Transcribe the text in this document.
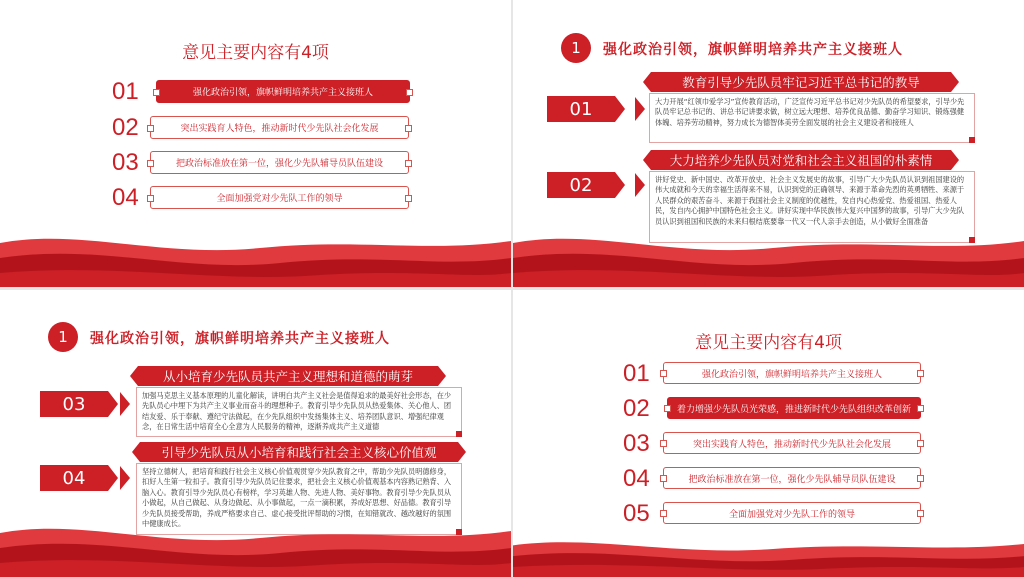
意见主要内容有4项
01	强化政治引领，旗帜鲜明培养共产主义接班人
02	突出实践育人特色，推动新时代少先队社会化发展
03	把政治标准放在第一位，强化少先队辅导员队伍建设
04	全面加强党对少先队工作的领导
1	强化政治引领，旗帜鲜明培养共产主义接班人
教育引导少先队员牢记习近平总书记的教导
01	大力开展“红领巾爱学习”宣传教育活动，广泛宣传习近平总书记对少先队员的希望要求，引导少先队员牢记总书记的、讲总书记讲要求做，树立远大理想、培养优良品德、勤奋学习知识、锻炼强健体魄、培养劳动精神，努力成长为德智体美劳全面发展的社会主义建设者和接班人
大力培养少先队员对党和社会主义祖国的朴素情
02	讲好党史、新中国史、改革开放史、社会主义发展史的故事，引导广大少先队员认识到祖国建设的伟大成就和今天的幸福生活得来不易，认识到党的正确领导、来源于革命先烈的英勇牺牲、来源于人民群众的艰苦奋斗、来源于我国社会主义制度的优越性，发自内心热爱党、热爱祖国、热爱人民，发自内心拥护中国特色社会主义。讲好实现中华民族伟大复兴中国梦的故事，引导广大少先队员认识到祖国和民族的未来归根结底要靠一代又一代人亲手去创造，从小做好全面准备
1	强化政治引领，旗帜鲜明培养共产主义接班人
从小培育少先队员共产主义理想和道德的萌芽
03	加强马克思主义基本原理的儿童化解读，讲明白共产主义社会是值得追求的最美好社会形态，在少先队员心中埋下为共产主义事业而奋斗的理想种子。教育引导少先队员从热爱集体、关心他人、团结友爱、乐于奉献、遵纪守法做起，在少先队组织中发扬集体主义、培养团队意识、增强纪律观念，在日常生活中培育全心全意为人民服务的精神，逐渐养成共产主义道德
引导少先队员从小培育和践行社会主义核心价值观
04	坚持立德树人，把培育和践行社会主义核心价值观贯穿少先队教育之中，帮助少先队员明德修身，扣好人生第一粒扣子。教育引导少先队员记住要求，把社会主义核心价值观基本内容熟记熟背、入脑入心。教育引导少先队员心有榜样，学习英雄人物、先进人物、美好事物。教育引导少先队员从小做起，从自己做起、从身边做起、从小事做起，一点一滴积累，养成好思想、好品德。教育引导少先队员接受帮助，养成严格要求自己、虚心接受批评帮助的习惯，在知错就改、越改越好的氛围中健康成长。
意见主要内容有4项
01	强化政治引领，旗帜鲜明培养共产主义接班人
02	着力增强少先队员光荣感，推进新时代少先队组织改革创新
03	突出实践育人特色，推动新时代少先队社会化发展
04	把政治标准放在第一位，强化少先队辅导员队伍建设
05	全面加强党对少先队工作的领导
